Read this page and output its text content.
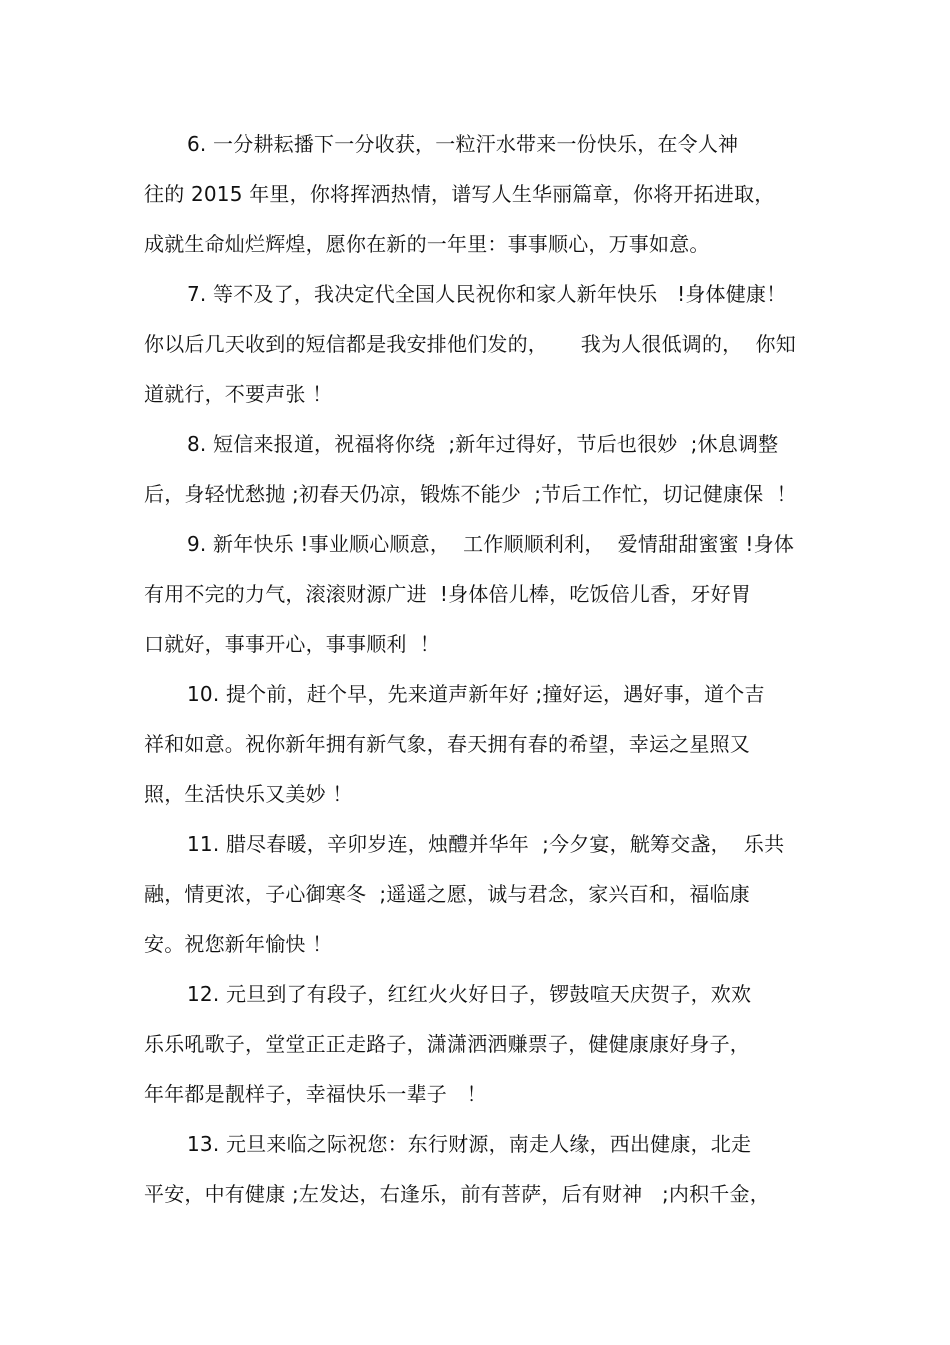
6. 一分耕耘播下一分收获，一粒汗水带来一份快乐，在令人神
往的 2015 年里，你将挥洒热情，谱写人生华丽篇章，你将开拓进取，
成就生命灿烂辉煌，愿你在新的一年里：事事顺心，万事如意。
7. 等不及了，我决定代全国人民祝你和家人新年快乐   !身体健康！
你以后几天收到的短信都是我安排他们发的，     我为人很低调的，  你知
道就行，不要声张 ！
8. 短信来报道，祝福将你绕  ;新年过得好，节后也很妙  ;休息调整
后，身轻忧愁抛 ;初春天仍凉，锻炼不能少  ;节后工作忙，切记健康保  ！
9. 新年快乐 !事业顺心顺意，  工作顺顺利利，  爱情甜甜蜜蜜 !身体
有用不完的力气，滚滚财源广进  !身体倍儿棒，吃饭倍儿香，牙好胃
口就好，事事开心，事事顺利  ！
10. 提个前，赶个早，先来道声新年好 ;撞好运，遇好事，道个吉
祥和如意。祝你新年拥有新气象，春天拥有春的希望，幸运之星照又
照，生活快乐又美妙 ！
11. 腊尽春暖，辛卯岁连，烛醴并华年  ;今夕宴，觥筹交盏，  乐共
融，情更浓，子心御寒冬  ;遥遥之愿，诚与君念，家兴百和，福临康
安。祝您新年愉快 ！
12. 元旦到了有段子，红红火火好日子，锣鼓喧天庆贺子，欢欢
乐乐吼歌子，堂堂正正走路子，潇潇洒洒赚票子，健健康康好身子，
年年都是靓样子，幸福快乐一辈子   ！
13. 元旦来临之际祝您：东行财源，南走人缘，西出健康，北走
平安，中有健康 ;左发达，右逢乐，前有菩萨，后有财神   ;内积千金，
